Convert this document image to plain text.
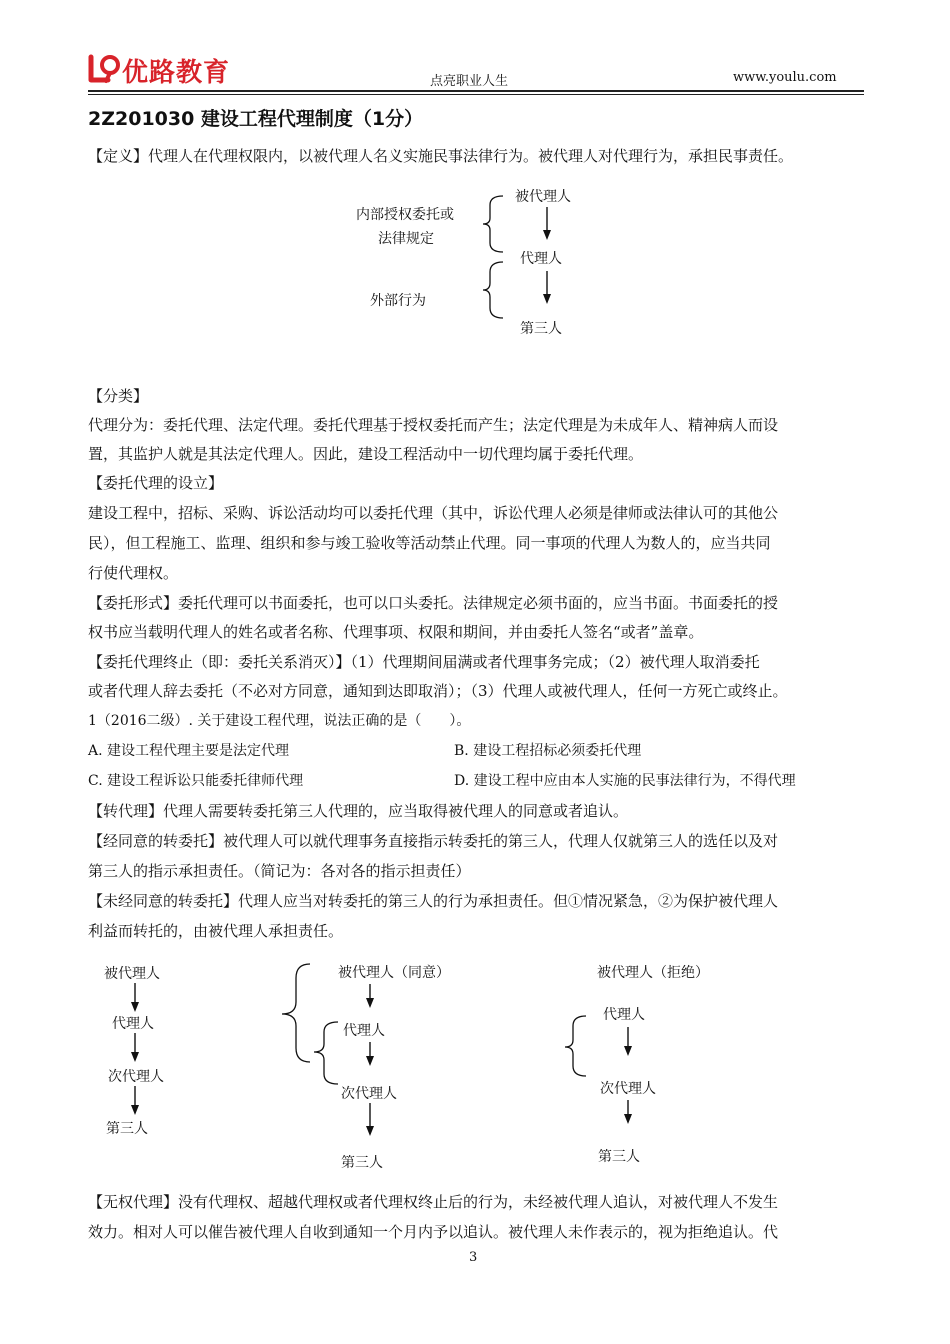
优路教育	点亮职业人生	www.youlu.com
2Z201030 建设工程代理制度（1分）
【定义】代理人在代理权限内，以被代理人名义实施民事法律行为。被代理人对代理行为，承担民事责任。
内部授权委托或
法律规定
外部行为
被代理人
代理人
第三人
【分类】
代理分为：委托代理、法定代理。委托代理基于授权委托而产生；法定代理是为未成年人、精神病人而设
置，其监护人就是其法定代理人。因此，建设工程活动中一切代理均属于委托代理。
【委托代理的设立】
建设工程中，招标、采购、诉讼活动均可以委托代理（其中，诉讼代理人必须是律师或法律认可的其他公
民），但工程施工、监理、组织和参与竣工验收等活动禁止代理。同一事项的代理人为数人的，应当共同
行使代理权。
【委托形式】委托代理可以书面委托，也可以口头委托。法律规定必须书面的，应当书面。书面委托的授
权书应当载明代理人的姓名或者名称、代理事项、权限和期间，并由委托人签名“或者”盖章。
【委托代理终止（即：委托关系消灭）】（1）代理期间届满或者代理事务完成；（2）被代理人取消委托
或者代理人辞去委托（不必对方同意，通知到达即取消）；（3）代理人或被代理人，任何一方死亡或终止。
1（2016二级）. 关于建设工程代理，说法正确的是（　　）。
A. 建设工程代理主要是法定代理	B. 建设工程招标必须委托代理
C. 建设工程诉讼只能委托律师代理	D. 建设工程中应由本人实施的民事法律行为，不得代理
【转代理】代理人需要转委托第三人代理的，应当取得被代理人的同意或者追认。
【经同意的转委托】被代理人可以就代理事务直接指示转委托的第三人，代理人仅就第三人的选任以及对
第三人的指示承担责任。（简记为：各对各的指示担责任）
【未经同意的转委托】代理人应当对转委托的第三人的行为承担责任。但①情况紧急，②为保护被代理人
利益而转托的，由被代理人承担责任。
被代理人
代理人
次代理人
第三人
被代理人（同意）
代理人
次代理人
第三人
被代理人（拒绝）
代理人
次代理人
第三人
【无权代理】没有代理权、超越代理权或者代理权终止后的行为，未经被代理人追认，对被代理人不发生
效力。相对人可以催告被代理人自收到通知一个月内予以追认。被代理人未作表示的，视为拒绝追认。代
3
